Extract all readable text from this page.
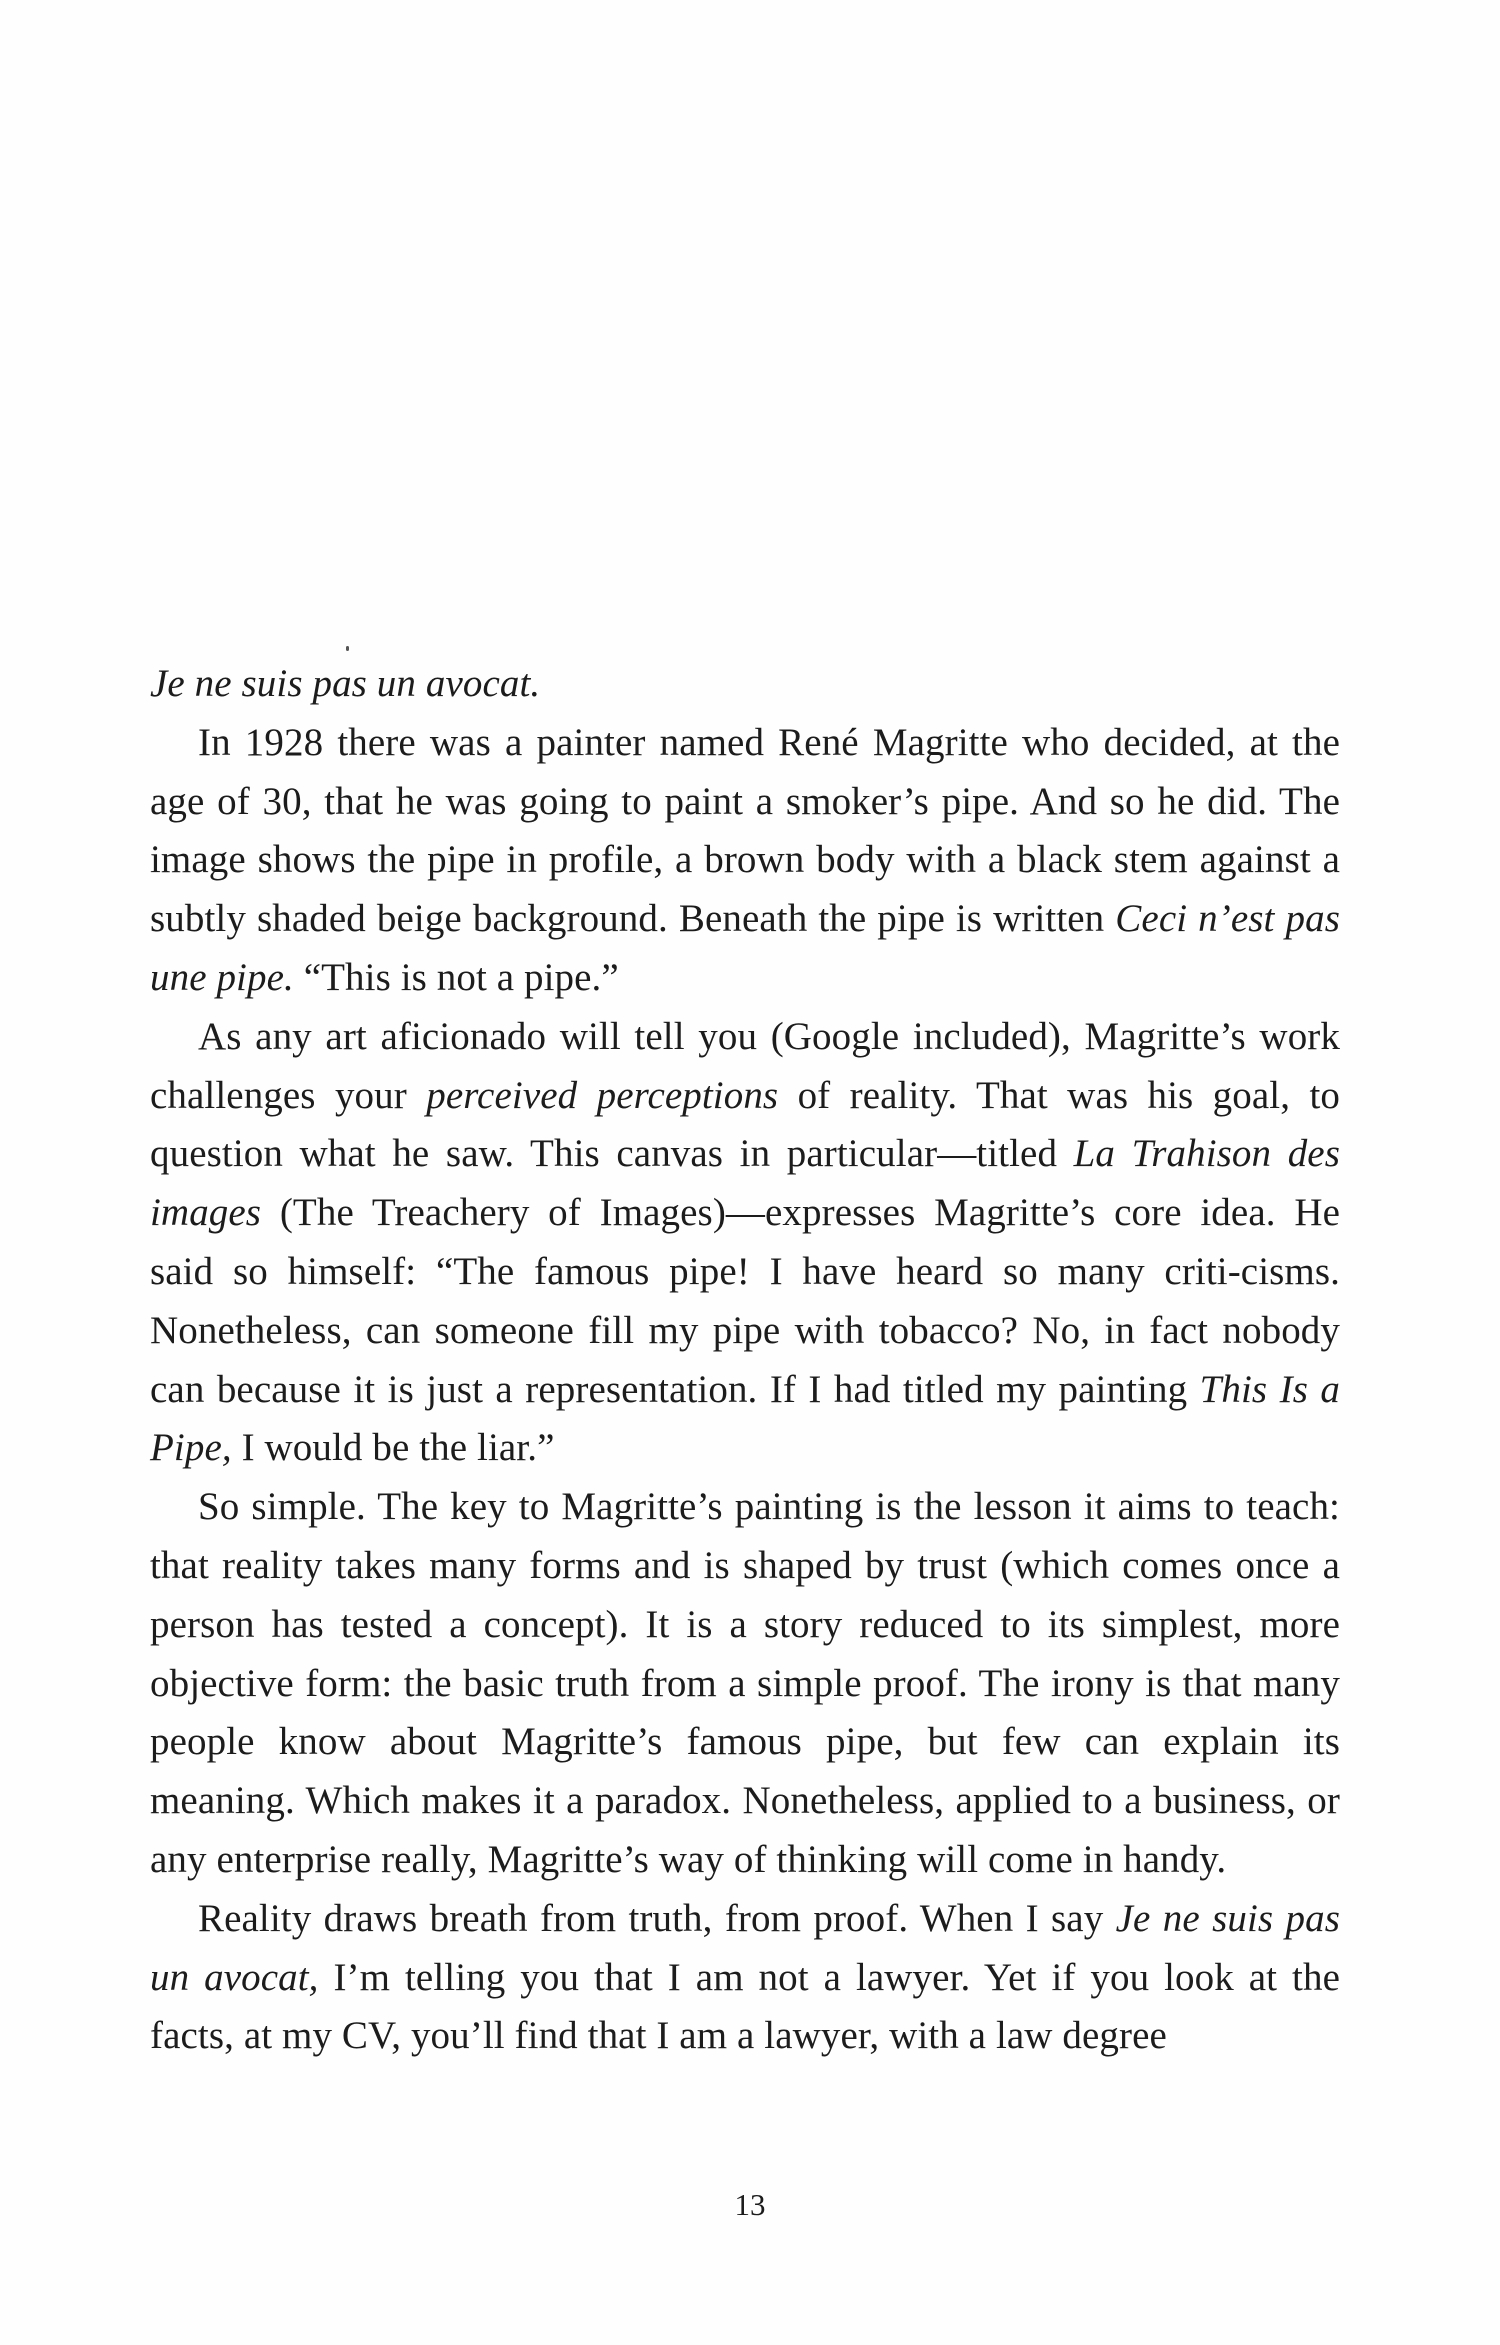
Je ne suis pas un avocat.

In 1928 there was a painter named René Magritte who decided, at the age of 30, that he was going to paint a smoker’s pipe. And so he did. The image shows the pipe in profile, a brown body with a black stem against a subtly shaded beige background. Beneath the pipe is written Ceci n’est pas une pipe. “This is not a pipe.”

As any art aficionado will tell you (Google included), Magritte’s work challenges your perceived perceptions of reality. That was his goal, to question what he saw. This canvas in particular—titled La Trahison des images (The Treachery of Images)—expresses Magritte’s core idea. He said so himself: “The famous pipe! I have heard so many criti-cisms. Nonetheless, can someone fill my pipe with tobacco? No, in fact nobody can because it is just a representation. If I had titled my painting This Is a Pipe, I would be the liar.”

So simple. The key to Magritte’s painting is the lesson it aims to teach: that reality takes many forms and is shaped by trust (which comes once a person has tested a concept). It is a story reduced to its simplest, more objective form: the basic truth from a simple proof. The irony is that many people know about Magritte’s famous pipe, but few can explain its meaning. Which makes it a paradox. Nonetheless, applied to a business, or any enterprise really, Magritte’s way of thinking will come in handy.

Reality draws breath from truth, from proof. When I say Je ne suis pas un avocat, I’m telling you that I am not a lawyer. Yet if you look at the facts, at my CV, you’ll find that I am a lawyer, with a law degree

13
